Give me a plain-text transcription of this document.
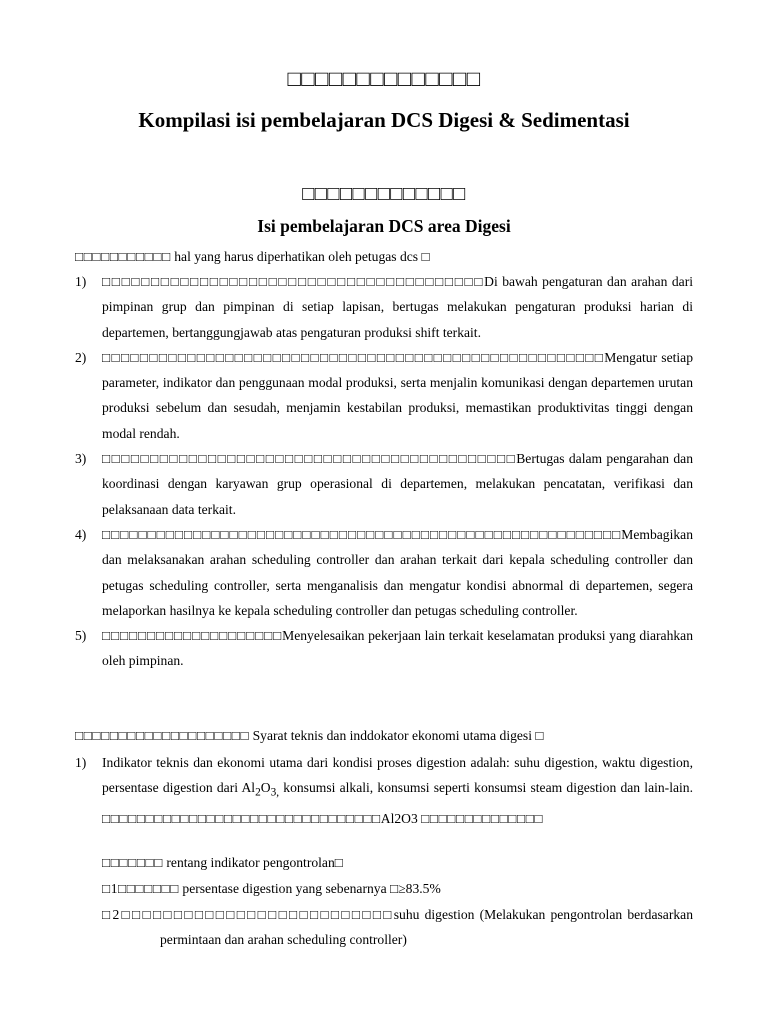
□□□□□□□□□□□□□□
Kompilasi isi pembelajaran DCS Digesi & Sedimentasi
□□□□□□□□□□□□□
Isi pembelajaran DCS area Digesi
□□□□□□□□□□□ hal yang harus diperhatikan oleh petugas dcs □
1) □□□□□□□□□□□□□□□□□□□□□□□□□□□□□□□□□□□□□□□Di bawah pengaturan dan arahan dari pimpinan grup dan pimpinan di setiap lapisan, bertugas melakukan pengaturan produksi harian di departemen, bertanggungjawab atas pengaturan produksi shift terkait.
2) □□□□□□□□□□□□□□□□□□□□□□□□□□□□□□□□□□□□□□□□□□□□□□□□□□□□□Mengatur setiap parameter, indikator dan penggunaan modal produksi, serta menjalin komunikasi dengan departemen urutan produksi sebelum dan sesudah, menjamin kestabilan produksi, memastikan produktivitas tinggi dengan modal rendah.
3) □□□□□□□□□□□□□□□□□□□□□□□□□□□□□□□□□□□□□□□□□□□Bertugas dalam pengarahan dan koordinasi dengan karyawan grup operasional di departemen, melakukan pencatatan, verifikasi dan pelaksanaan data terkait.
4) □□□□□□□□□□□□□□□□□□□□□□□□□□□□□□□□□□□□□□□□□□□□□□□□□□□□□□□□□Membagikan dan melaksanakan arahan scheduling controller dan arahan terkait dari kepala scheduling controller dan petugas scheduling controller, serta menganalisis dan mengatur kondisi abnormal di departemen, segera melaporkan hasilnya ke kepala scheduling controller dan petugas scheduling controller.
5) □□□□□□□□□□□□□□□□□□□□Menyelesaikan pekerjaan lain terkait keselamatan produksi yang diarahkan oleh pimpinan.
□□□□□□□□□□□□□□□□□□□□ Syarat teknis dan inddokator ekonomi utama digesi □
1) Indikator teknis dan ekonomi utama dari kondisi proses digestion adalah: suhu digestion, waktu digestion, persentase digestion dari $Al_2O_{3,}$ konsumsi alkali, konsumsi seperti konsumsi steam digestion dan lain-lain. □□□□□□□□□□□□□□□□□□□□□□□□□□□□□□□□Al2O3 □□□□□□□□□□□□□□
□□□□□□□ rentang indikator pengontrolan□
□1□□□□□□□ persentase digestion yang sebenarnya □≥83.5%
□2□□□□□□□□□□□□□□□□□□□□□□□□□□suhu digestion (Melakukan pengontrolan berdasarkan permintaan dan arahan scheduling controller)
